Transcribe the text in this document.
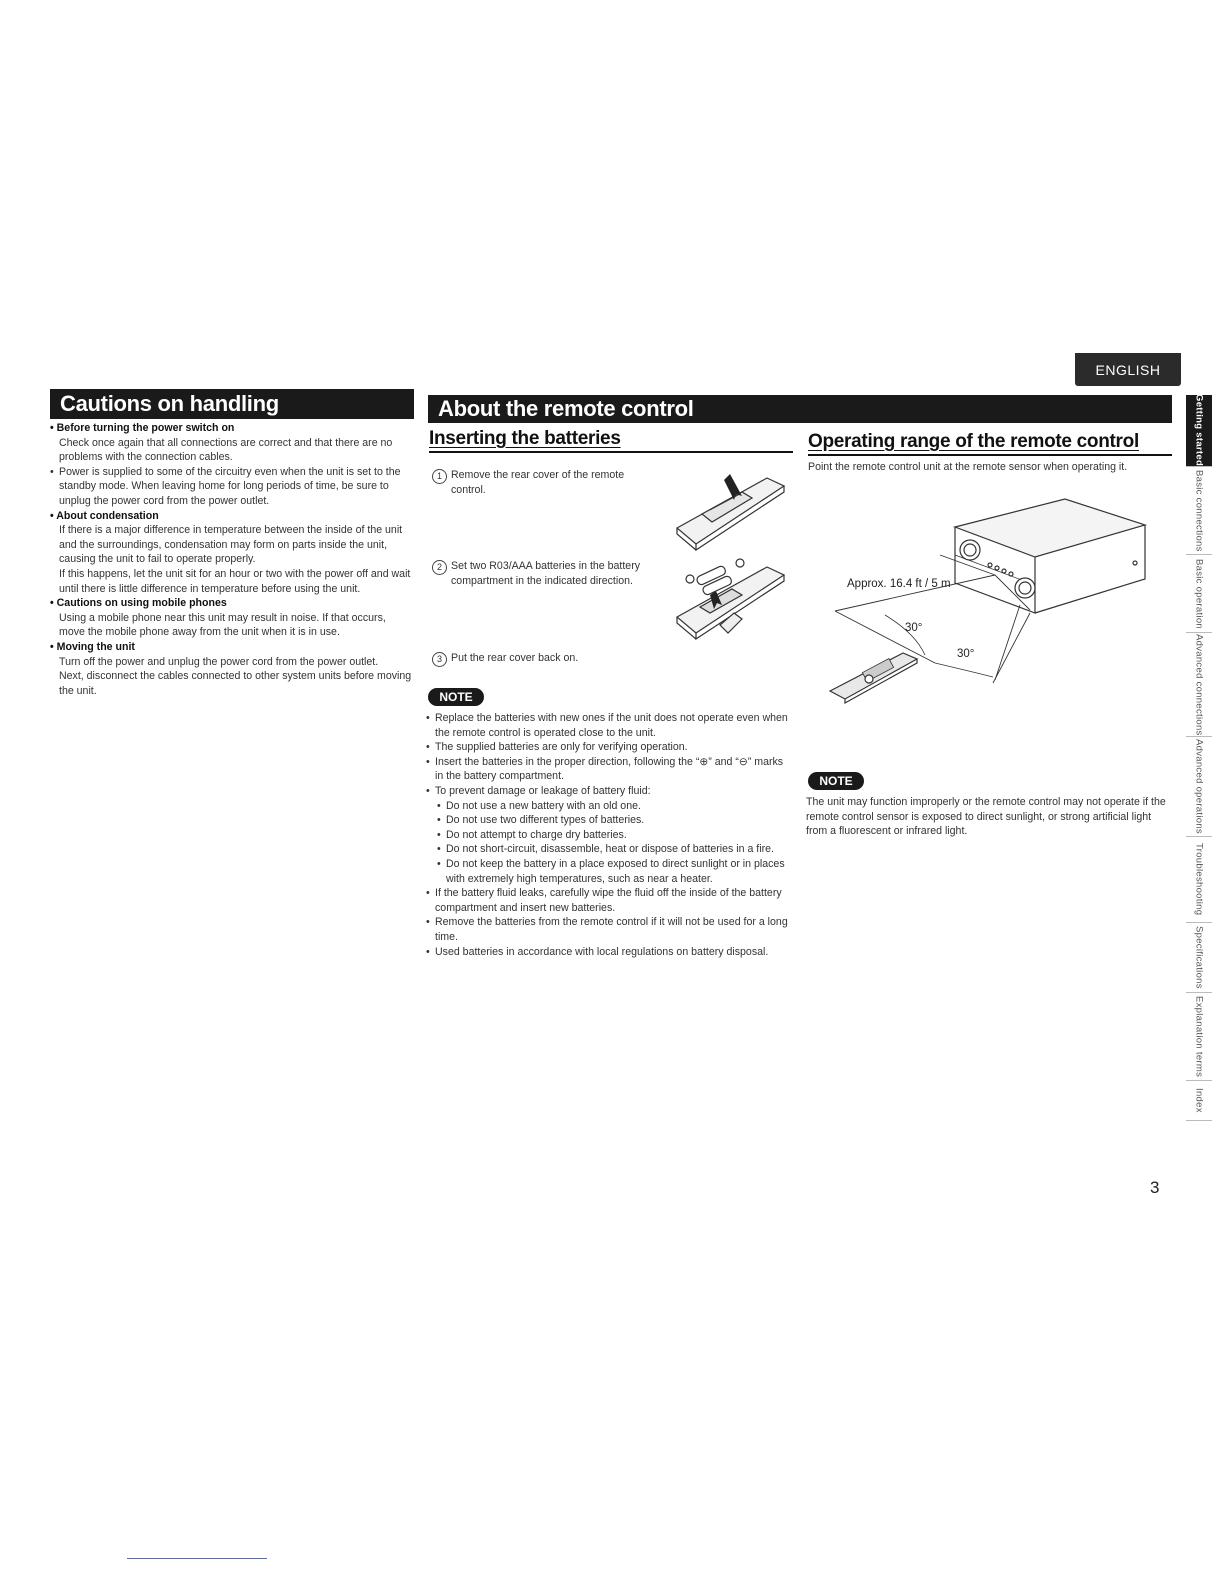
ENGLISH
Cautions on handling
• Before turning the power switch on
Check once again that all connections are correct and that there are no problems with the connection cables.
• Power is supplied to some of the circuitry even when the unit is set to the standby mode. When leaving home for long periods of time, be sure to unplug the power cord from the power outlet.
• About condensation
If there is a major difference in temperature between the inside of the unit and the surroundings, condensation may form on parts inside the unit, causing the unit to fail to operate properly.
If this happens, let the unit sit for an hour or two with the power off and wait until there is little difference in temperature before using the unit.
• Cautions on using mobile phones
Using a mobile phone near this unit may result in noise. If that occurs, move the mobile phone away from the unit when it is in use.
• Moving the unit
Turn off the power and unplug the power cord from the power outlet.
Next, disconnect the cables connected to other system units before moving the unit.
About the remote control
Inserting the batteries
1 Remove the rear cover of the remote control.
2 Set two R03/AAA batteries in the battery compartment in the indicated direction.
3 Put the rear cover back on.
NOTE
• Replace the batteries with new ones if the unit does not operate even when the remote control is operated close to the unit.
• The supplied batteries are only for verifying operation.
• Insert the batteries in the proper direction, following the “⊕” and “⊖” marks in the battery compartment.
• To prevent damage or leakage of battery fluid:
• Do not use a new battery with an old one.
• Do not use two different types of batteries.
• Do not attempt to charge dry batteries.
• Do not short-circuit, disassemble, heat or dispose of batteries in a fire.
• Do not keep the battery in a place exposed to direct sunlight or in places with extremely high temperatures, such as near a heater.
• If the battery fluid leaks, carefully wipe the fluid off the inside of the battery compartment and insert new batteries.
• Remove the batteries from the remote control if it will not be used for a long time.
• Used batteries in accordance with local regulations on battery disposal.
Operating range of the remote control
Point the remote control unit at the remote sensor when operating it.
Approx. 16.4 ft / 5 m
30°
30°
NOTE
The unit may function improperly or the remote control may not operate if the remote control sensor is exposed to direct sunlight, or strong artificial light from a fluorescent or infrared light.
Getting started
Basic connections
Basic operation
Advanced connections
Advanced operations
Troubleshooting
Specifications
Explanation terms
Index
3
